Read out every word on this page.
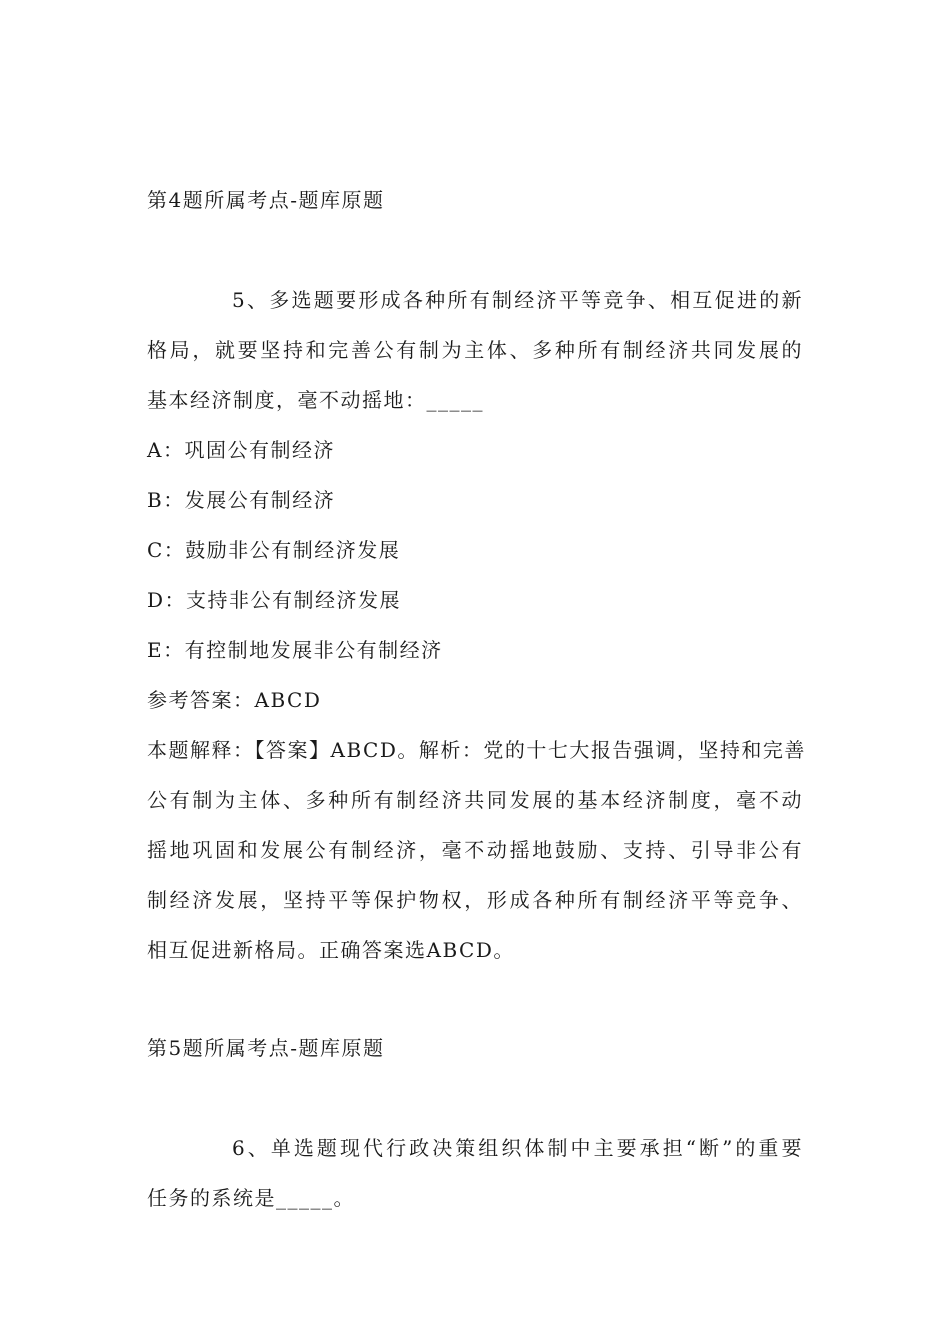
第4题所属考点-题库原题
5、多选题要形成各种所有制经济平等竞争、相互促进的新
格局，就要坚持和完善公有制为主体、多种所有制经济共同发展的
基本经济制度，毫不动摇地：_____
A：巩固公有制经济
B：发展公有制经济
C：鼓励非公有制经济发展
D：支持非公有制经济发展
E：有控制地发展非公有制经济
参考答案：ABCD
本题解释：【答案】ABCD。解析：党的十七大报告强调，坚持和完善
公有制为主体、多种所有制经济共同发展的基本经济制度，毫不动
摇地巩固和发展公有制经济，毫不动摇地鼓励、支持、引导非公有
制经济发展，坚持平等保护物权，形成各种所有制经济平等竞争、
相互促进新格局。正确答案选ABCD。
第5题所属考点-题库原题
6、单选题现代行政决策组织体制中主要承担“断”的重要
任务的系统是_____。
